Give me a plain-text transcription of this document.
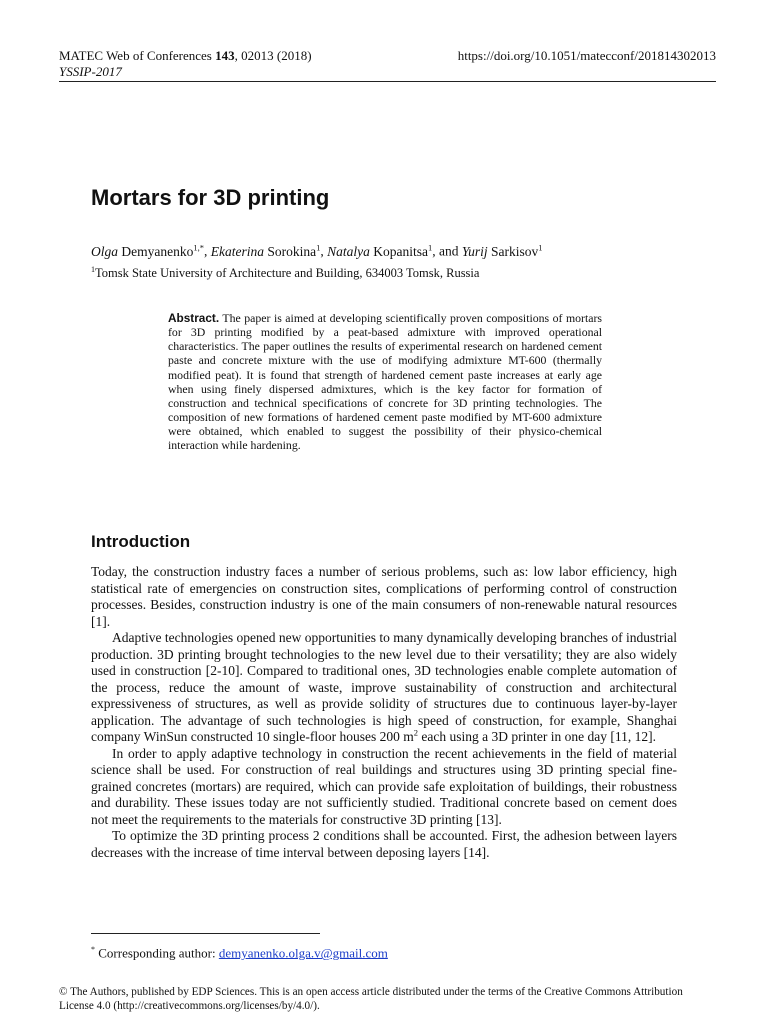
MATEC Web of Conferences 143, 02013 (2018)
YSSIP-2017
https://doi.org/10.1051/matecconf/201814302013
Mortars for 3D printing
Olga Demyanenko$^{1,*}$, Ekaterina Sorokina$^1$, Natalya Kopanitsa$^1$, and Yurij Sarkisov$^1$
$^1$Tomsk State University of Architecture and Building, 634003 Tomsk, Russia
Abstract. The paper is aimed at developing scientifically proven compositions of mortars for 3D printing modified by a peat-based admixture with improved operational characteristics. The paper outlines the results of experimental research on hardened cement paste and concrete mixture with the use of modifying admixture MT-600 (thermally modified peat). It is found that strength of hardened cement paste increases at early age when using finely dispersed admixtures, which is the key factor for formation of construction and technical specifications of concrete for 3D printing technologies. The composition of new formations of hardened cement paste modified by MT-600 admixture were obtained, which enabled to suggest the possibility of their physico-chemical interaction while hardening.
Introduction

Today, the construction industry faces a number of serious problems, such as: low labor efficiency, high statistical rate of emergencies on construction sites, complications of performing control of construction processes. Besides, construction industry is one of the main consumers of non-renewable natural resources [1].

Adaptive technologies opened new opportunities to many dynamically developing branches of industrial production. 3D printing brought technologies to the new level due to their versatility; they are also widely used in construction [2-10]. Compared to traditional ones, 3D technologies enable complete automation of the process, reduce the amount of waste, improve sustainability of construction and architectural expressiveness of structures, as well as provide solidity of structures due to continuous layer-by-layer application. The advantage of such technologies is high speed of construction, for example, Shanghai company WinSun constructed 10 single-floor houses 200 $m^2$ each using a 3D printer in one day [11, 12].

In order to apply adaptive technology in construction the recent achievements in the field of material science shall be used. For construction of real buildings and structures using 3D printing special fine-grained concretes (mortars) are required, which can provide safe exploitation of buildings, their robustness and durability. These issues today are not sufficiently studied. Traditional concrete based on cement does not meet the requirements to the materials for constructive 3D printing [13].

To optimize the 3D printing process 2 conditions shall be accounted. First, the adhesion between layers decreases with the increase of time interval between deposing layers [14].

* Corresponding author: demyanenko.olga.v@gmail.com
© The Authors, published by EDP Sciences. This is an open access article distributed under the terms of the Creative Commons Attribution License 4.0 (http://creativecommons.org/licenses/by/4.0/).
